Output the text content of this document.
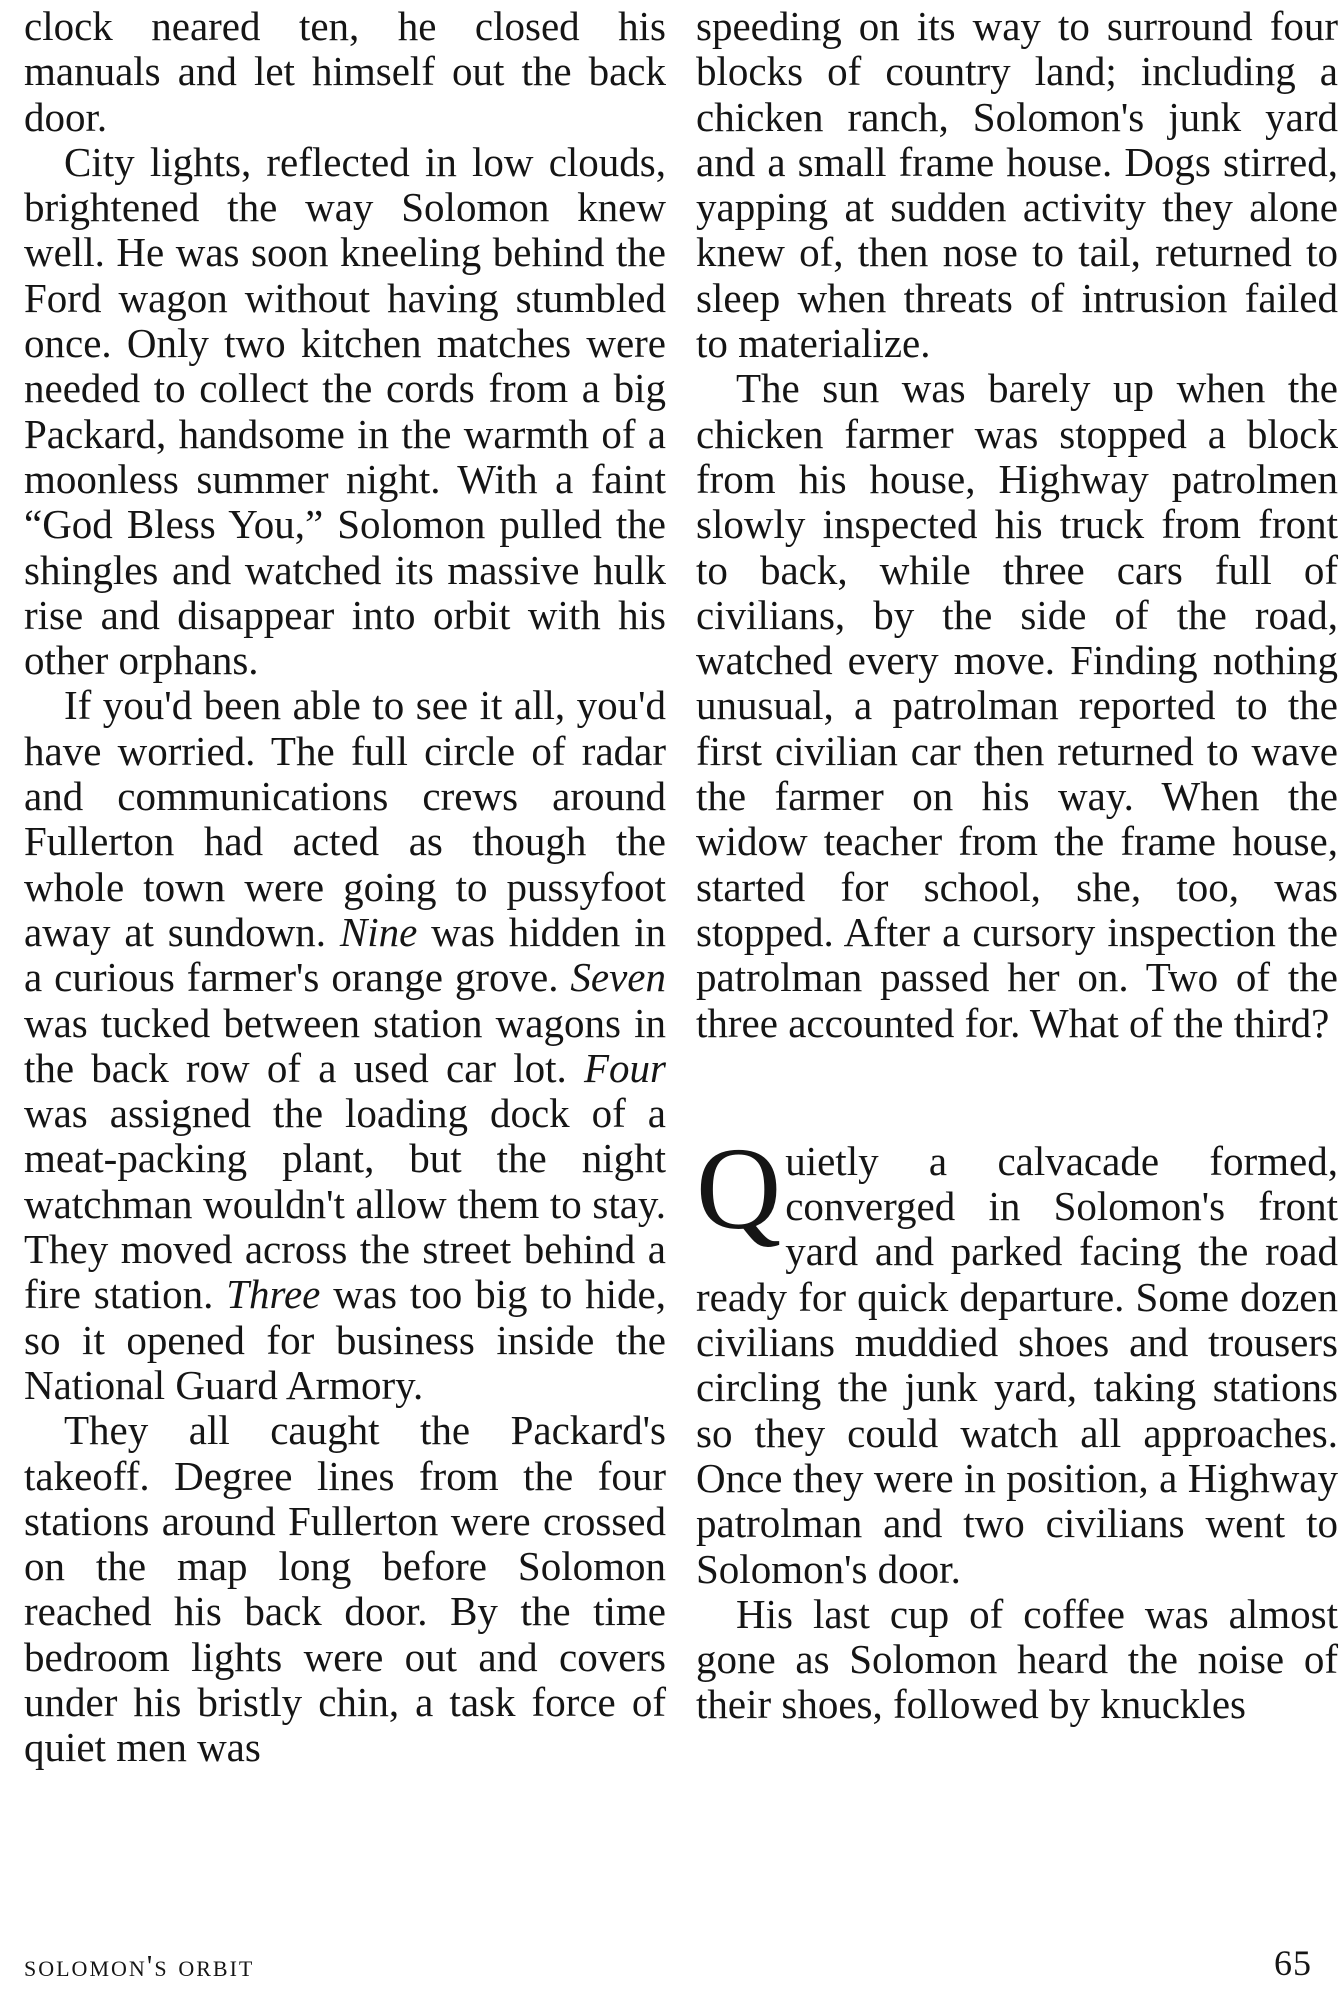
clock neared ten, he closed his manuals and let himself out the back door.

City lights, reflected in low clouds, brightened the way Solomon knew well. He was soon kneeling behind the Ford wagon without having stumbled once. Only two kitchen matches were needed to collect the cords from a big Packard, handsome in the warmth of a moonless summer night. With a faint “God Bless You,” Solomon pulled the shingles and watched its massive hulk rise and disappear into orbit with his other orphans.

If you'd been able to see it all, you'd have worried. The full circle of radar and communications crews around Fullerton had acted as though the whole town were going to pussyfoot away at sundown. Nine was hidden in a curious farmer's orange grove. Seven was tucked between station wagons in the back row of a used car lot. Four was assigned the loading dock of a meat-packing plant, but the night watchman wouldn't allow them to stay. They moved across the street behind a fire station. Three was too big to hide, so it opened for business inside the National Guard Armory.

They all caught the Packard's takeoff. Degree lines from the four stations around Fullerton were crossed on the map long before Solomon reached his back door. By the time bedroom lights were out and covers under his bristly chin, a task force of quiet men was

speeding on its way to surround four blocks of country land; including a chicken ranch, Solomon's junk yard and a small frame house. Dogs stirred, yapping at sudden activity they alone knew of, then nose to tail, returned to sleep when threats of intrusion failed to materialize.

The sun was barely up when the chicken farmer was stopped a block from his house, Highway patrolmen slowly inspected his truck from front to back, while three cars full of civilians, by the side of the road, watched every move. Finding nothing unusual, a patrolman reported to the first civilian car then returned to wave the farmer on his way. When the widow teacher from the frame house, started for school, she, too, was stopped. After a cursory inspection the patrolman passed her on. Two of the three accounted for. What of the third?

Quietly a calvacade formed, converged in Solomon's front yard and parked facing the road ready for quick departure. Some dozen civilians muddied shoes and trousers circling the junk yard, taking stations so they could watch all approaches. Once they were in position, a Highway patrolman and two civilians went to Solomon's door.

His last cup of coffee was almost gone as Solomon heard the noise of their shoes, followed by knuckles

solomon's orbit	65
